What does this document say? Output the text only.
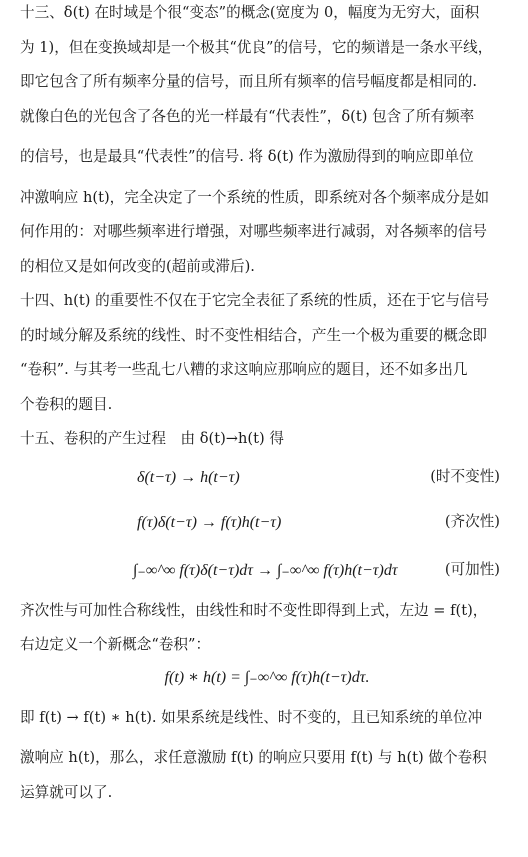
十三、δ(t) 在时域是个很“变态”的概念(宽度为 0，幅度为无穷大，面积

为 1)，但在变换域却是一个极其“优良”的信号，它的频谱是一条水平线，

即它包含了所有频率分量的信号，而且所有频率的信号幅度都是相同的.

就像白色的光包含了各色的光一样最有“代表性”，δ(t) 包含了所有频率

的信号，也是最具“代表性”的信号. 将 δ(t) 作为激励得到的响应即单位

冲激响应 h(t)，完全决定了一个系统的性质，即系统对各个频率成分是如

何作用的：对哪些频率进行增强，对哪些频率进行减弱，对各频率的信号

的相位又是如何改变的(超前或滞后).

十四、h(t) 的重要性不仅在于它完全表征了系统的性质，还在于它与信号

的时域分解及系统的线性、时不变性相结合，产生一个极为重要的概念即

“卷积”. 与其考一些乱七八糟的求这响应那响应的题目，还不如多出几

个卷积的题目.

十五、卷积的产生过程　由 δ(t)→h(t) 得

δ(t−τ) → h(t−τ)	(时不变性)
f(τ)δ(t−τ) → f(τ)h(t−τ)	(齐次性)
∫₋∞^∞ f(τ)δ(t−τ)dτ → ∫₋∞^∞ f(τ)h(t−τ)dτ	(可加性)

齐次性与可加性合称线性，由线性和时不变性即得到上式，左边 = f(t)，

右边定义一个新概念“卷积”：

f(t) ∗ h(t) = ∫₋∞^∞ f(τ)h(t−τ)dτ.

即 f(t) → f(t) ∗ h(t). 如果系统是线性、时不变的，且已知系统的单位冲

激响应 h(t)，那么，求任意激励 f(t) 的响应只要用 f(t) 与 h(t) 做个卷积

运算就可以了.
